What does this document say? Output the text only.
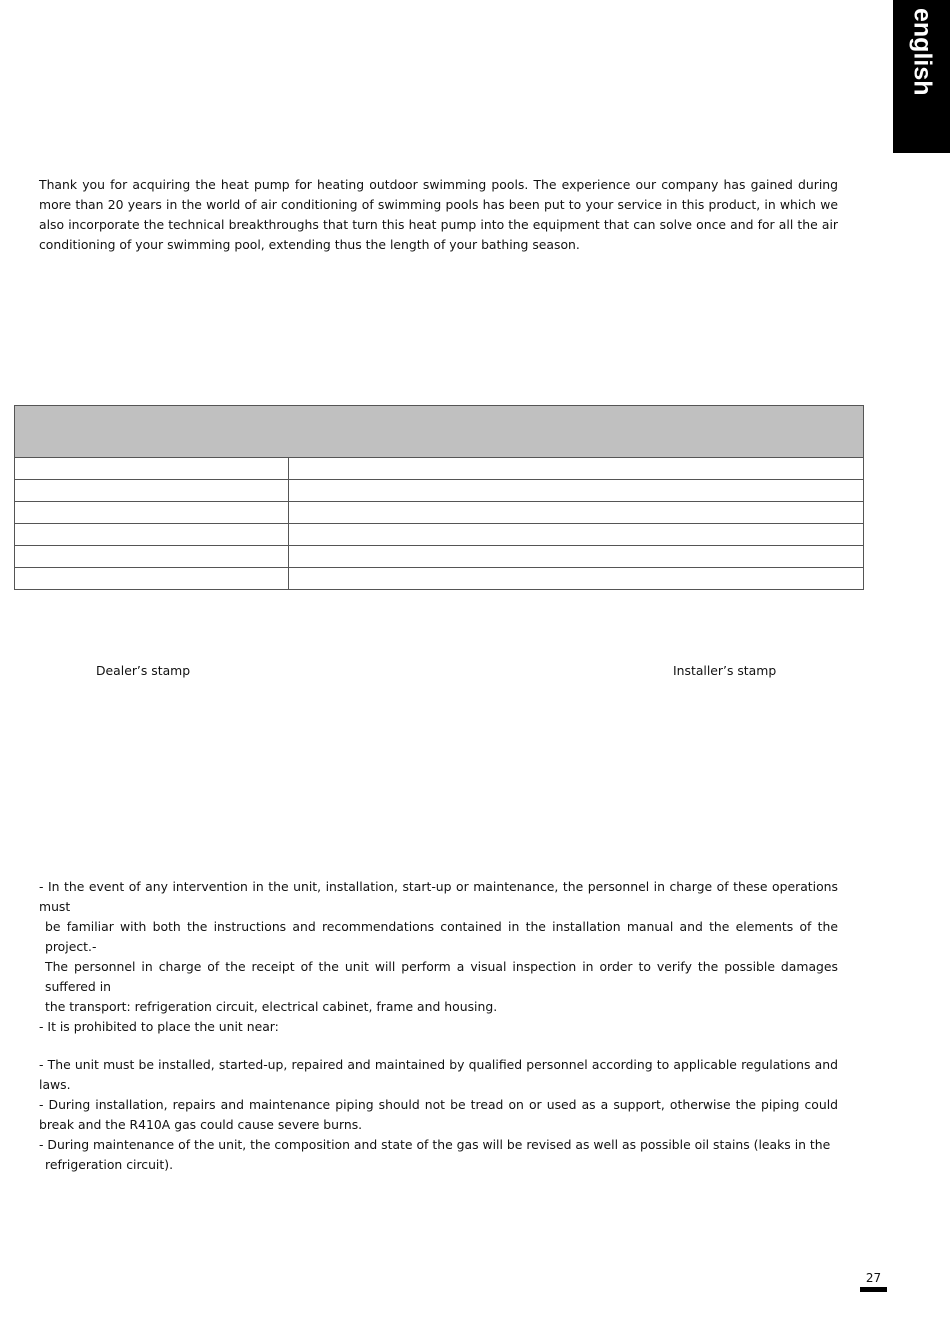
english

Thank you for acquiring the heat pump for heating outdoor swimming pools. The experience our company has gained during more than 20 years in the world of air conditioning of swimming pools has been put to your service in this product, in which we also incorporate the technical breakthroughs that turn this heat pump into the equipment that can solve once and for all the air conditioning of your swimming pool, extending thus the length of your bathing season.

Dealer’s stamp	Installer’s stamp
- In the event of any intervention in the unit, installation, start-up or maintenance, the personnel in charge of these operations must
be familiar with both the instructions and recommendations contained in the installation manual and the elements of the project.-
The personnel in charge of the receipt of the unit will perform a visual inspection in order to verify the possible damages suffered in
the transport: refrigeration circuit, electrical cabinet, frame and housing.
- It is prohibited to place the unit near:
- The unit must be installed, started-up, repaired and maintained by qualified personnel according to applicable regulations and laws.
- During installation, repairs and maintenance piping should not be tread on or used as a support, otherwise the piping could break and the R410A gas could cause severe burns.
- During maintenance of the unit, the composition and state of the gas will be revised as well as possible oil stains (leaks in the
refrigeration circuit).
27
